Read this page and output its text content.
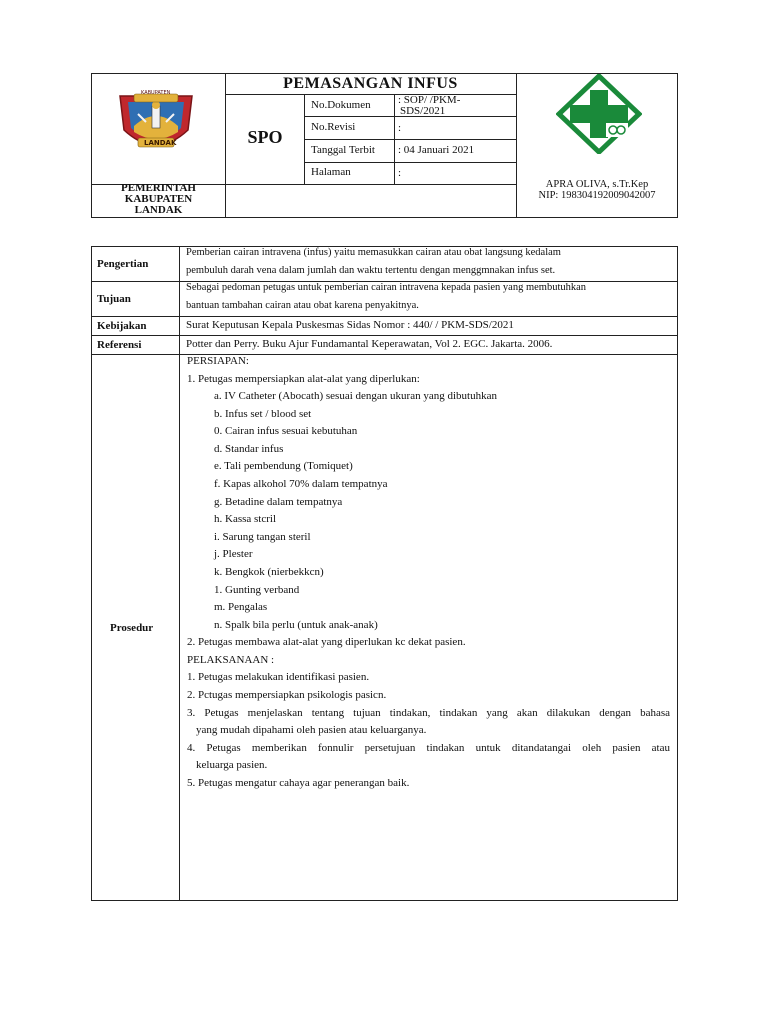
KABUPATEN
LANDAK
PEMASANGAN INFUS
SPO
No.Dokumen : SOP/ /PKM-
SDS/2021
No.Revisi	:
Tanggal Terbit : 04 Januari 2021
Halaman	:
PEMERINTAH
KABUPATEN
LANDAK
APRA OLIVA, s.Tr.Kep
NIP: 198304192009042007
Pengertian
Pemberian cairan intravena (infus) yaitu memasukkan cairan atau obat langsung kedalam
pembuluh darah vena dalam jumlah dan waktu tertentu dengan menggmnakan infus set.
Tujuan
Sebagai pedoman petugas untuk pemberian cairan intravena kepada pasien yang membutuhkan
bantuan tambahan cairan atau obat karena penyakitnya.
Kebijakan	Surat Keputusan Kepala Puskesmas Sidas Nomor : 440/ / PKM-SDS/2021
Referensi	Potter dan Perry. Buku Ajur Fundamantal Keperawatan, Vol 2. EGC. Jakarta. 2006.
Prosedur
PERSIAPAN:
1. Petugas mempersiapkan alat-alat yang diperlukan:
a. IV Catheter (Abocath) sesuai dengan ukuran yang dibutuhkan
b. Infus set / blood set
0. Cairan infus sesuai kebutuhan
d. Standar infus
e. Tali pembendung (Tomiquet)
f. Kapas alkohol 70% dalam tempatnya
g. Betadine dalam tempatnya
h. Kassa stcril
i. Sarung tangan steril
j. Plester
k. Bengkok (nierbekkcn)
1. Gunting verband
m. Pengalas
n. Spalk bila perlu (untuk anak-anak)
2. Petugas membawa alat-alat yang diperlukan kc dekat pasien.
PELAKSANAAN :
1. Petugas melakukan identifikasi pasien.
2. Pctugas mempersiapkan psikologis pasicn.
3. Petugas menjelaskan tentang tujuan tindakan, tindakan yang akan dilakukan dengan bahasa
yang mudah dipahami oleh pasien atau keluarganya.
4. Petugas memberikan fonnulir persetujuan tindakan untuk ditandatangai oleh pasien atau
keluarga pasien.
5. Petugas mengatur cahaya agar penerangan baik.
